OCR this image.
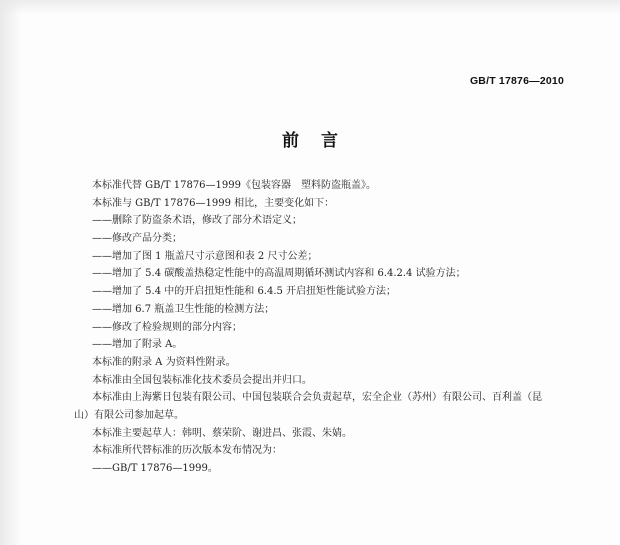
GB/T 17876—2010
前言
本标准代替 GB/T 17876—1999《包装容器　塑料防盗瓶盖》。
本标准与 GB/T 17876—1999 相比，主要变化如下：
——删除了防盗条术语，修改了部分术语定义；
——修改产品分类；
——增加了图 1 瓶盖尺寸示意图和表 2 尺寸公差；
——增加了 5.4 碳酸盖热稳定性能中的高温周期循环测试内容和 6.4.2.4 试验方法；
——增加了 5.4 中的开启扭矩性能和 6.4.5 开启扭矩性能试验方法；
——增加 6.7 瓶盖卫生性能的检测方法；
——修改了检验规则的部分内容；
——增加了附录 A。
本标准的附录 A 为资料性附录。
本标准由全国包装标准化技术委员会提出并归口。
本标准由上海紫日包装有限公司、中国包装联合会负责起草，宏全企业（苏州）有限公司、百利盖（昆
山）有限公司参加起草。
本标准主要起草人：韩明、蔡荣阶、谢进昌、张霞、朱婧。
本标准所代替标准的历次版本发布情况为：
——GB/T 17876—1999。
